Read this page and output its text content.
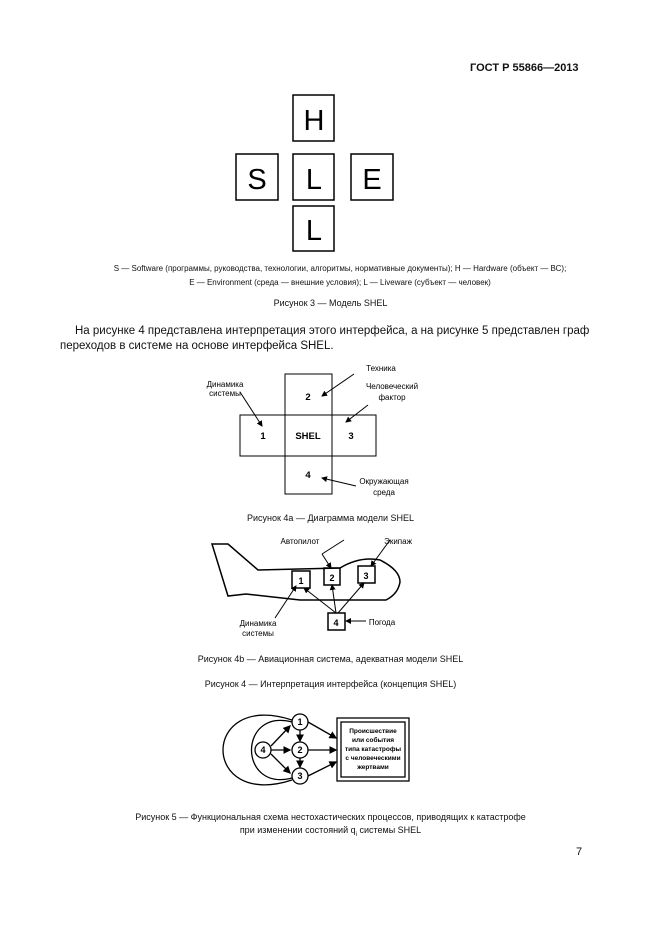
ГОСТ Р 55866—2013
H
S L E
L
S — Software (программы, руководства, технологии, алгоритмы, нормативные документы); H — Hardware (объект — ВС);
E — Environment (среда — внешние условия); L — Liveware (субъект — человек)
Рисунок 3 — Модель SHEL
На рисунке 4 представлена интерпретация этого интерфейса, а на рисунке 5 представлен граф
переходов в системе на основе интерфейса SHEL.
2
1	SHEL	3
4
Динамика
системы
Техника
Человеческий
фактор
Окружающая
среда
Рисунок 4а — Диаграмма модели SHEL
1	2	3
4
Автопилот	Экипаж
Динамика
системы
Погода
Рисунок 4b — Авиационная система, адекватная модели SHEL
Рисунок 4 — Интерпретация интерфейса (концепция SHEL)
1
2
3
4
Происшествие
или события
типа катастрофы
с человеческими
жертвами
Рисунок 5 — Функциональная схема нестохастических процессов, приводящих к катастрофе
при изменении состояний $q_i$ системы SHEL
7
